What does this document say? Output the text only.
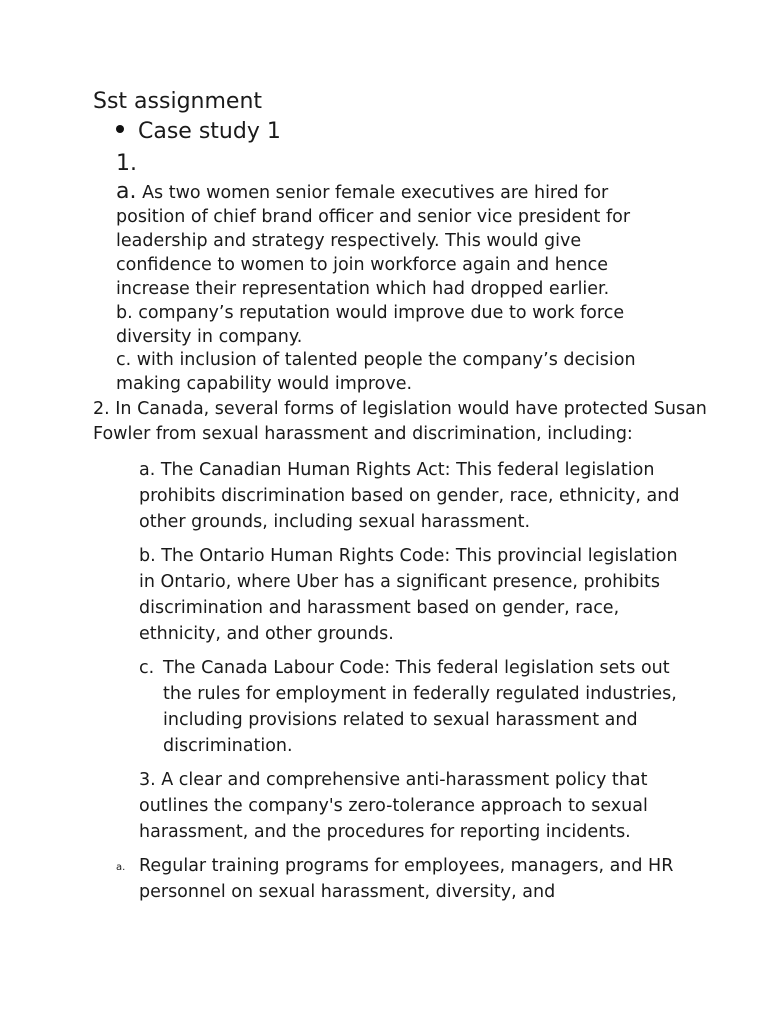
Sst assignment

Case study 1

1.

a. As two women senior female executives are hired for position of chief brand officer and senior vice president for leadership and strategy respectively. This would give confidence to women to join workforce again and hence increase their representation which had dropped earlier.

b. company’s reputation would improve due to work force diversity in company.

c. with inclusion of talented people the company’s decision making capability would improve.

2. In Canada, several forms of legislation would have protected Susan Fowler from sexual harassment and discrimination, including:

a. The Canadian Human Rights Act: This federal legislation prohibits discrimination based on gender, race, ethnicity, and other grounds, including sexual harassment.

b. The Ontario Human Rights Code: This provincial legislation in Ontario, where Uber has a significant presence, prohibits discrimination and harassment based on gender, race, ethnicity, and other grounds.

c. The Canada Labour Code: This federal legislation sets out the rules for employment in federally regulated industries, including provisions related to sexual harassment and discrimination.

3. A clear and comprehensive anti-harassment policy that outlines the company's zero-tolerance approach to sexual harassment, and the procedures for reporting incidents.

a. Regular training programs for employees, managers, and HR personnel on sexual harassment, diversity, and
